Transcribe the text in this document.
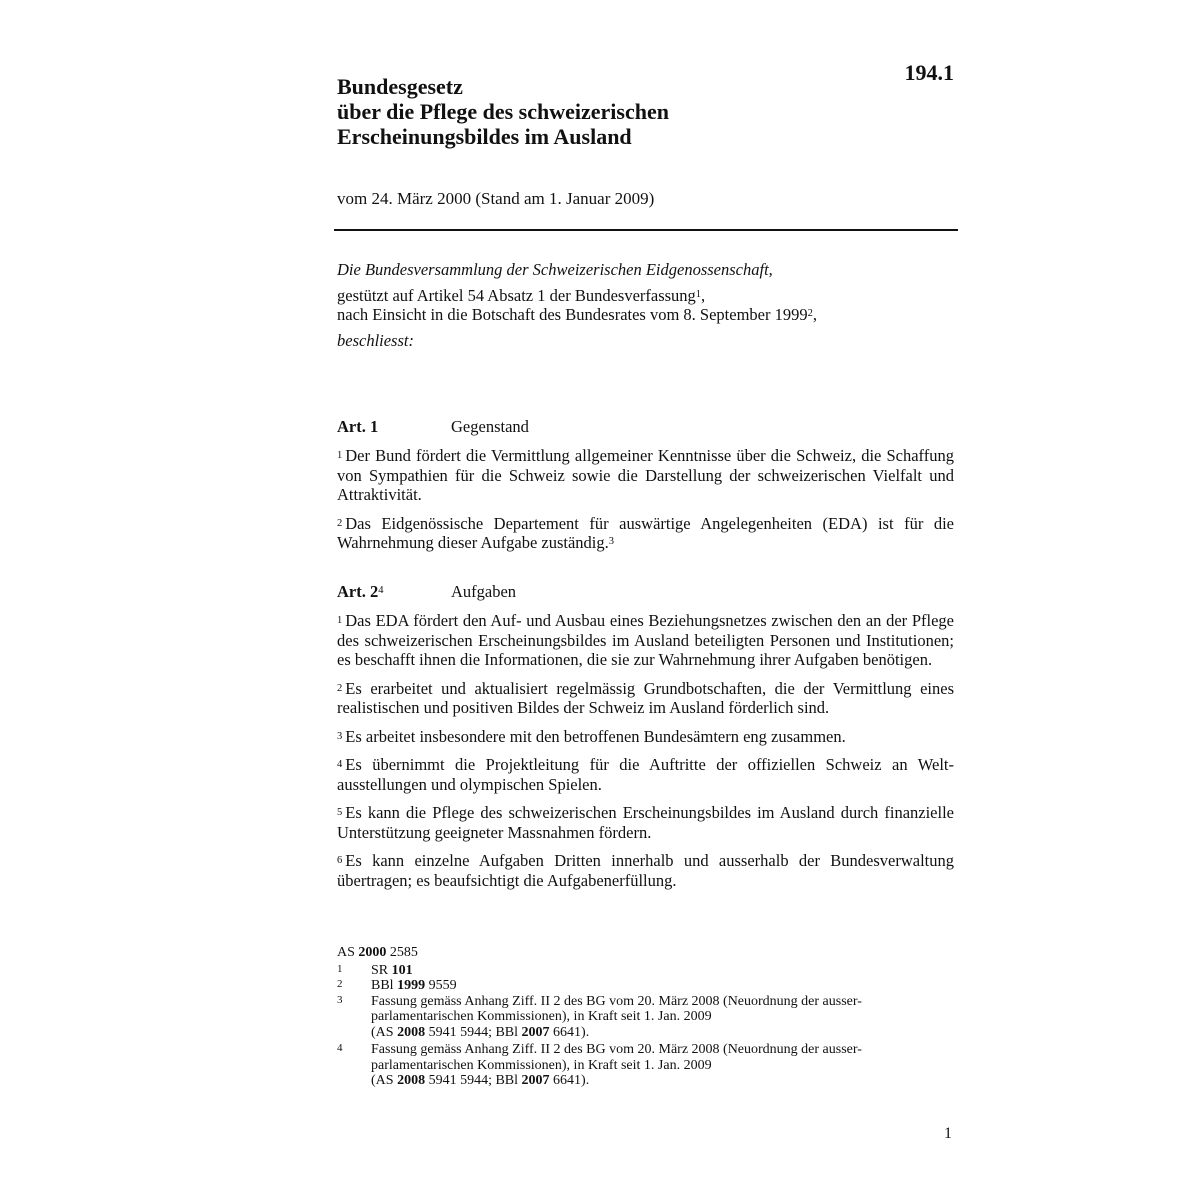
194.1
Bundesgesetz
über die Pflege des schweizerischen
Erscheinungsbildes im Ausland
vom 24. März 2000 (Stand am 1. Januar 2009)
Die Bundesversammlung der Schweizerischen Eidgenossenschaft,
gestützt auf Artikel 54 Absatz 1 der Bundesverfassung$^1$,
nach Einsicht in die Botschaft des Bundesrates vom 8. September 1999$^2$,
beschliesst:
Art. 1	Gegenstand

$^1$ Der Bund fördert die Vermittlung allgemeiner Kenntnisse über die Schweiz, die Schaffung von Sympathien für die Schweiz sowie die Darstellung der schweizerischen Vielfalt und Attraktivität.

$^2$ Das Eidgenössische Departement für auswärtige Angelegenheiten (EDA) ist für die Wahrnehmung dieser Aufgabe zuständig.$^3$

Art. $2^4$	Aufgaben

$^1$ Das EDA fördert den Auf- und Ausbau eines Beziehungsnetzes zwischen den an der Pflege des schweizerischen Erscheinungsbildes im Ausland beteiligten Personen und Institutionen; es beschafft ihnen die Informationen, die sie zur Wahrnehmung ihrer Aufgaben benötigen.

$^2$ Es erarbeitet und aktualisiert regelmässig Grundbotschaften, die der Vermittlung eines realistischen und positiven Bildes der Schweiz im Ausland förderlich sind.

$^3$ Es arbeitet insbesondere mit den betroffenen Bundesämtern eng zusammen.

$^4$ Es übernimmt die Projektleitung für die Auftritte der offiziellen Schweiz an Weltausstellungen und olympischen Spielen.

$^5$ Es kann die Pflege des schweizerischen Erscheinungsbildes im Ausland durch finanzielle Unterstützung geeigneter Massnahmen fördern.

$^6$ Es kann einzelne Aufgaben Dritten innerhalb und ausserhalb der Bundesverwaltung übertragen; es beaufsichtigt die Aufgabenerfüllung.

AS 2000 2585
1	SR 101
2	BBl 1999 9559
3	Fassung gemäss Anhang Ziff. II 2 des BG vom 20. März 2008 (Neuordnung der ausser-
parlamentarischen Kommissionen), in Kraft seit 1. Jan. 2009
(AS 2008 5941 5944; BBl 2007 6641).
4	Fassung gemäss Anhang Ziff. II 2 des BG vom 20. März 2008 (Neuordnung der ausser-
parlamentarischen Kommissionen), in Kraft seit 1. Jan. 2009
(AS 2008 5941 5944; BBl 2007 6641).
1
